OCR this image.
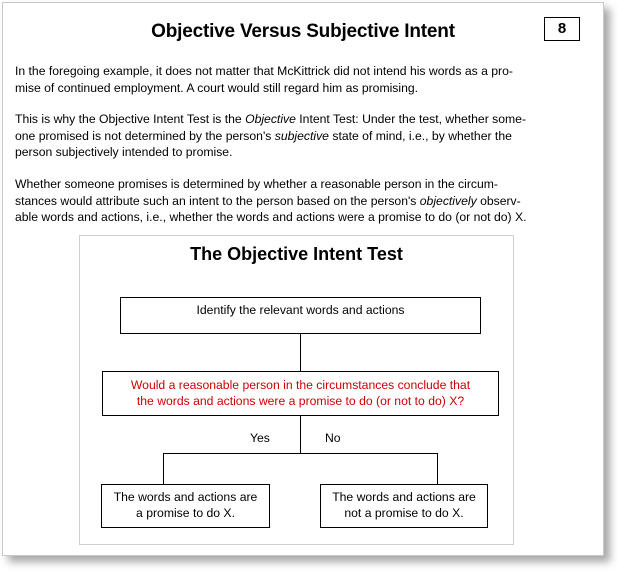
Objective Versus Subjective Intent	8
In the foregoing example, it does not matter that McKittrick did not intend his words as a pro-
mise of continued employment. A court would still regard him as promising.
This is why the Objective Intent Test is the Objective Intent Test: Under the test, whether some-
one promised is not determined by the person's subjective state of mind, i.e., by whether the
person subjectively intended to promise.
Whether someone promises is determined by whether a reasonable person in the circum-
stances would attribute such an intent to the person based on the person's objectively observ-
able words and actions, i.e., whether the words and actions were a promise to do (or not do) X.
The Objective Intent Test
Identify the relevant words and actions
Would a reasonable person in the circumstances conclude that
the words and actions were a promise to do (or not to do) X?
Yes	No
The words and actions are
a promise to do X.
The words and actions are
not a promise to do X.
